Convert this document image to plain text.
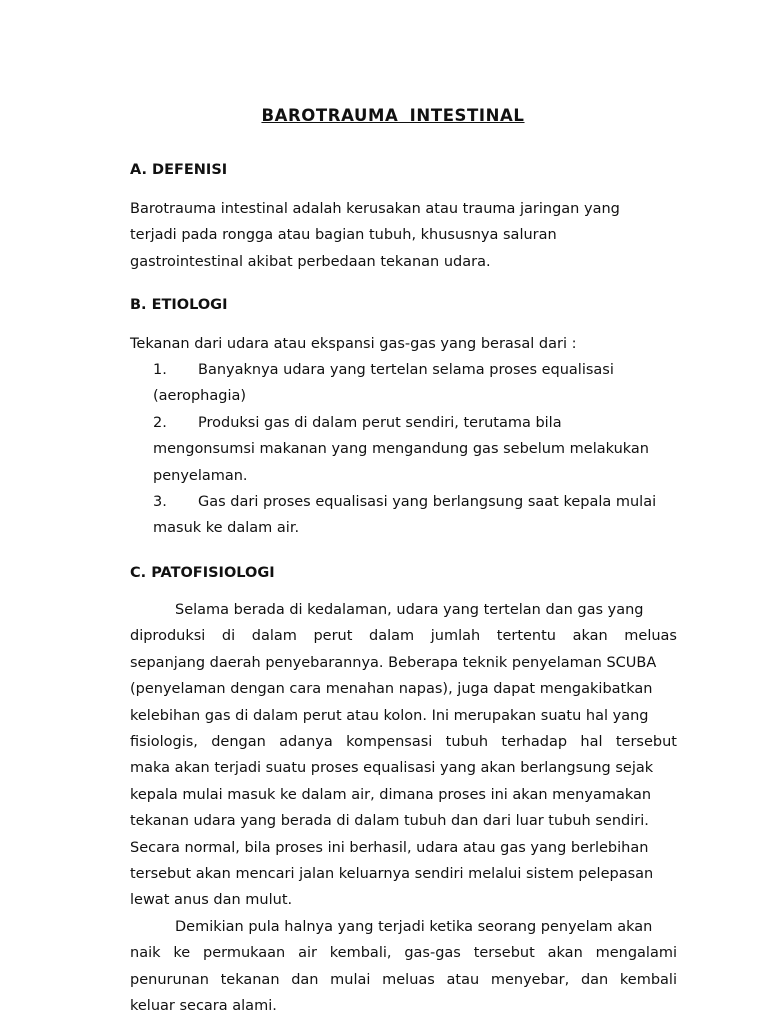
BAROTRAUMA INTESTINAL
A. DEFENISI
Barotrauma intestinal adalah kerusakan atau trauma jaringan yang
terjadi pada rongga atau bagian tubuh, khususnya saluran
gastrointestinal akibat perbedaan tekanan udara.
B. ETIOLOGI
Tekanan dari udara atau ekspansi gas-gas yang berasal dari :
1. Banyaknya udara yang tertelan selama proses equalisasi
(aerophagia)
2. Produksi gas di dalam perut sendiri, terutama bila
mengonsumsi makanan yang mengandung gas sebelum melakukan
penyelaman.
3. Gas dari proses equalisasi yang berlangsung saat kepala mulai
masuk ke dalam air.
C. PATOFISIOLOGI
Selama berada di kedalaman, udara yang tertelan dan gas yang
diproduksi di dalam perut dalam jumlah tertentu akan meluas
sepanjang daerah penyebarannya. Beberapa teknik penyelaman SCUBA
(penyelaman dengan cara menahan napas), juga dapat mengakibatkan
kelebihan gas di dalam perut atau kolon. Ini merupakan suatu hal yang
fisiologis, dengan adanya kompensasi tubuh terhadap hal tersebut
maka akan terjadi suatu proses equalisasi yang akan berlangsung sejak
kepala mulai masuk ke dalam air, dimana proses ini akan menyamakan
tekanan udara yang berada di dalam tubuh dan dari luar tubuh sendiri.
Secara normal, bila proses ini berhasil, udara atau gas yang berlebihan
tersebut akan mencari jalan keluarnya sendiri melalui sistem pelepasan
lewat anus dan mulut.
Demikian pula halnya yang terjadi ketika seorang penyelam akan
naik ke permukaan air kembali, gas-gas tersebut akan mengalami
penurunan tekanan dan mulai meluas atau menyebar, dan kembali
keluar secara alami.
